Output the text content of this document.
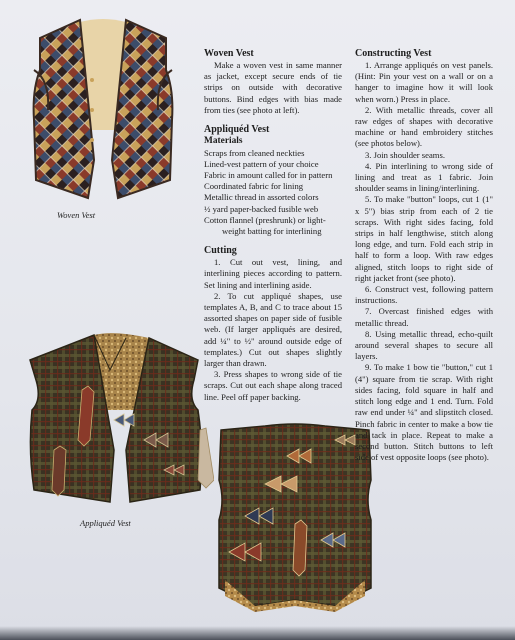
Woven Vest
Appliquéd Vest
Woven Vest

Make a woven vest in same manner as jacket, except secure ends of tie strips on outside with decorative buttons. Bind edges with bias made from ties (see photo at left).

Appliquéd Vest
Materials
Scraps from cleaned neckties
Lined-vest pattern of your choice
Fabric in amount called for in pattern
Coordinated fabric for lining
Metallic thread in assorted colors
½ yard paper-backed fusible web
Cotton flannel (preshrunk) or light-
weight batting for interlining
Cutting

1. Cut out vest, lining, and interlining pieces according to pattern. Set lining and interlining aside.

2. To cut appliqué shapes, use templates A, B, and C to trace about 15 assorted shapes on paper side of fusible web. (If larger appliqués are desired, add ¼" to ½" around outside edge of templates.) Cut out shapes slightly larger than drawn.

3. Press shapes to wrong side of tie scraps. Cut out each shape along traced line. Peel off paper backing.

Constructing Vest

1. Arrange appliqués on vest panels. (Hint: Pin your vest on a wall or on a hanger to imagine how it will look when worn.) Press in place.

2. With metallic threads, cover all raw edges of shapes with decorative machine or hand embroidery stitches (see photos below).

3. Join shoulder seams.

4. Pin interlining to wrong side of lining and treat as 1 fabric. Join shoulder seams in lining/interlining.

5. To make "button" loops, cut 1 (1" x 5") bias strip from each of 2 tie scraps. With right sides facing, fold strips in half lengthwise, stitch along long edge, and turn. Fold each strip in half to form a loop. With raw edges aligned, stitch loops to right side of right jacket front (see photo).

6. Construct vest, following pattern instructions.

7. Overcast finished edges with metallic thread.

8. Using metallic thread, echo-quilt around several shapes to secure all layers.

9. To make 1 bow tie "button," cut 1 (4") square from tie scrap. With right sides facing, fold square in half and stitch long edge and 1 end. Turn. Fold raw end under ¼" and slipstitch closed. Pinch fabric in center to make a bow tie and tack in place. Repeat to make a second button. Stitch buttons to left side of vest opposite loops (see photo).
